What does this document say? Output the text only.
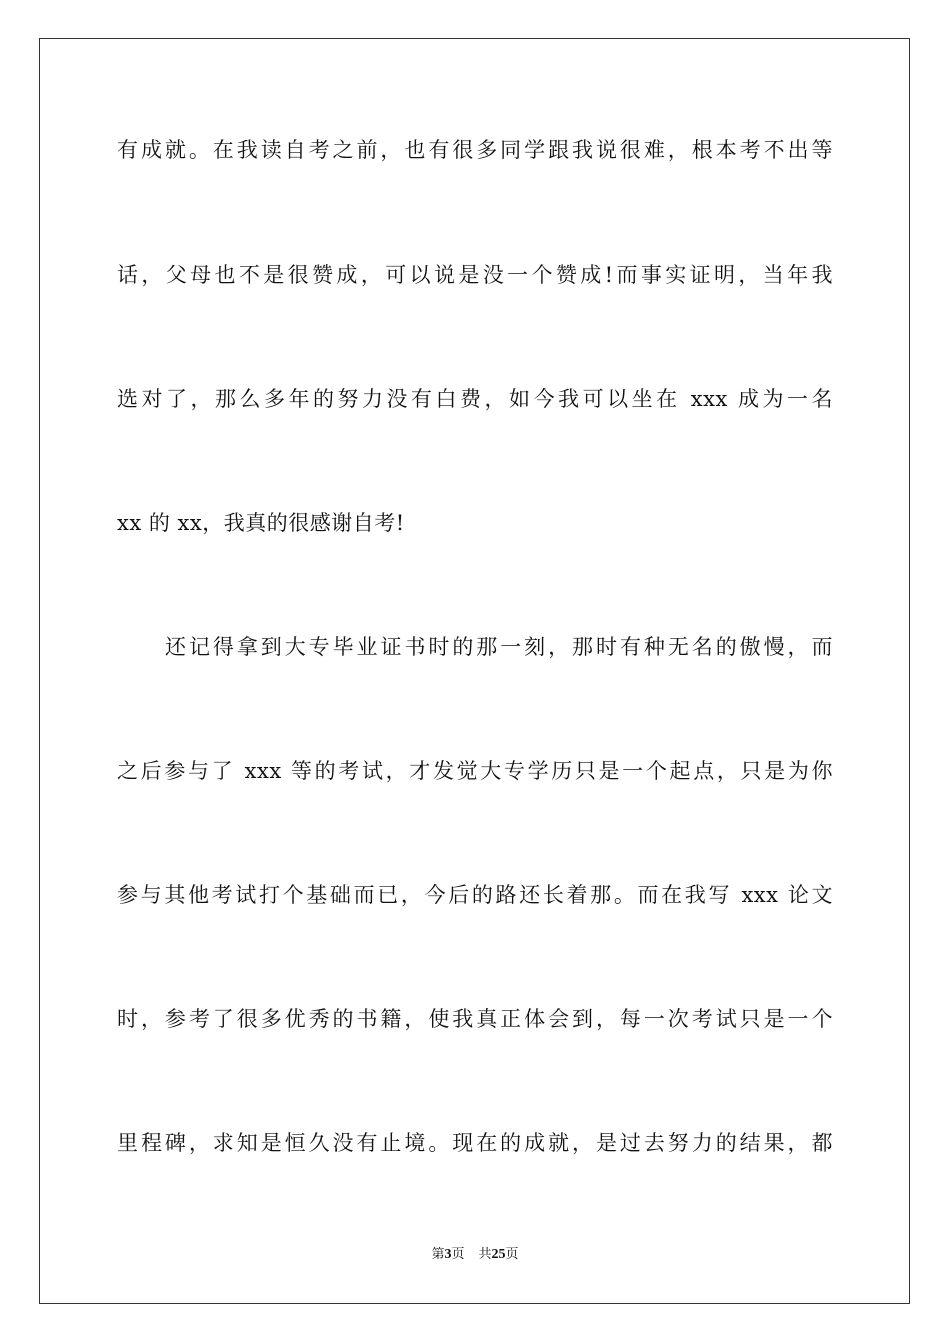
有成就。在我读自考之前，也有很多同学跟我说很难，根本考不出等
话，父母也不是很赞成，可以说是没一个赞成!而事实证明，当年我
选对了，那么多年的努力没有白费，如今我可以坐在 xxx 成为一名
xx 的 xx，我真的很感谢自考!
还记得拿到大专毕业证书时的那一刻，那时有种无名的傲慢，而
之后参与了 xxx 等的考试，才发觉大专学历只是一个起点，只是为你
参与其他考试打个基础而已，今后的路还长着那。而在我写 xxx 论文
时，参考了很多优秀的书籍，使我真正体会到，每一次考试只是一个
里程碑，求知是恒久没有止境。现在的成就，是过去努力的结果，都
第3页 共25页
